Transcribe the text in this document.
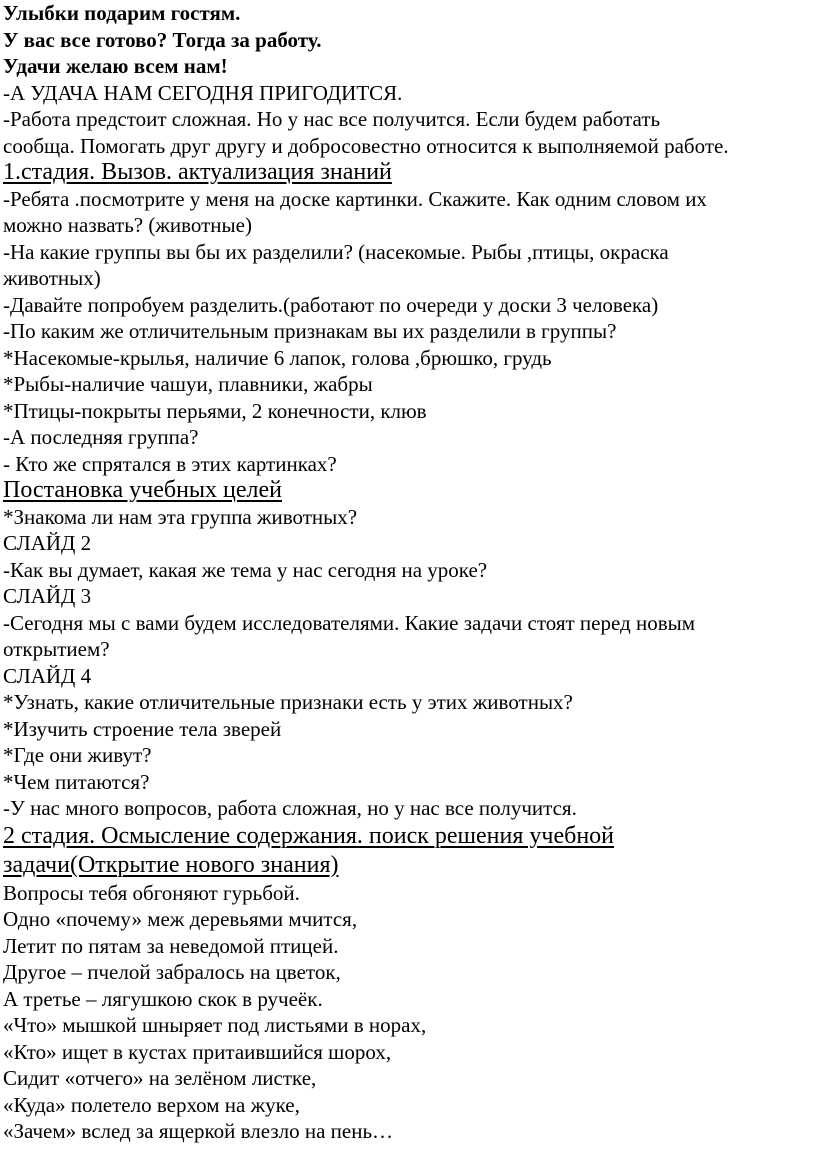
Улыбки подарим гостям.

У вас все готово? Тогда за работу.

Удачи желаю всем нам!

-А УДАЧА НАМ СЕГОДНЯ ПРИГОДИТСЯ.

-Работа предстоит сложная. Но у нас все получится. Если будем работать

сообща. Помогать друг другу и добросовестно относится к выполняемой работе.

1.стадия. Вызов. актуализация знаний

-Ребята .посмотрите у меня на доске картинки. Скажите. Как одним словом их

можно назвать? (животные)

-На какие группы вы бы их разделили? (насекомые. Рыбы ,птицы, окраска

животных)

-Давайте попробуем разделить.(работают по очереди у доски 3 человека)

-По каким же отличительным признакам вы их разделили в группы?

*Насекомые-крылья, наличие 6 лапок, голова ,брюшко, грудь

*Рыбы-наличие чашуи, плавники, жабры

*Птицы-покрыты перьями, 2 конечности, клюв

-А последняя группа?

- Кто же спрятался в этих картинках?

Постановка учебных целей

*Знакома ли нам эта группа животных?

СЛАЙД 2

-Как вы думает, какая же тема у нас сегодня на уроке?

СЛАЙД 3

-Сегодня мы с вами будем исследователями. Какие задачи стоят перед новым

открытием?

СЛАЙД 4

*Узнать, какие отличительные признаки есть у этих животных?

*Изучить строение тела зверей

*Где они живут?

*Чем питаются?

-У нас много вопросов, работа сложная, но у нас все получится.

2 стадия. Осмысление содержания. поиск решения учебной

задачи(Открытие нового знания)

Вопросы тебя обгоняют гурьбой.

Одно «почему» меж деревьями мчится,

Летит по пятам за неведомой птицей.

Другое – пчелой забралось на цветок,

А третье – лягушкою скок в ручеёк.

«Что» мышкой шныряет под листьями в норах,

«Кто» ищет в кустах притаившийся шорох,

Сидит «отчего» на зелёном листке,

«Куда» полетело верхом на жуке,

«Зачем» вслед за ящеркой влезло на пень…
